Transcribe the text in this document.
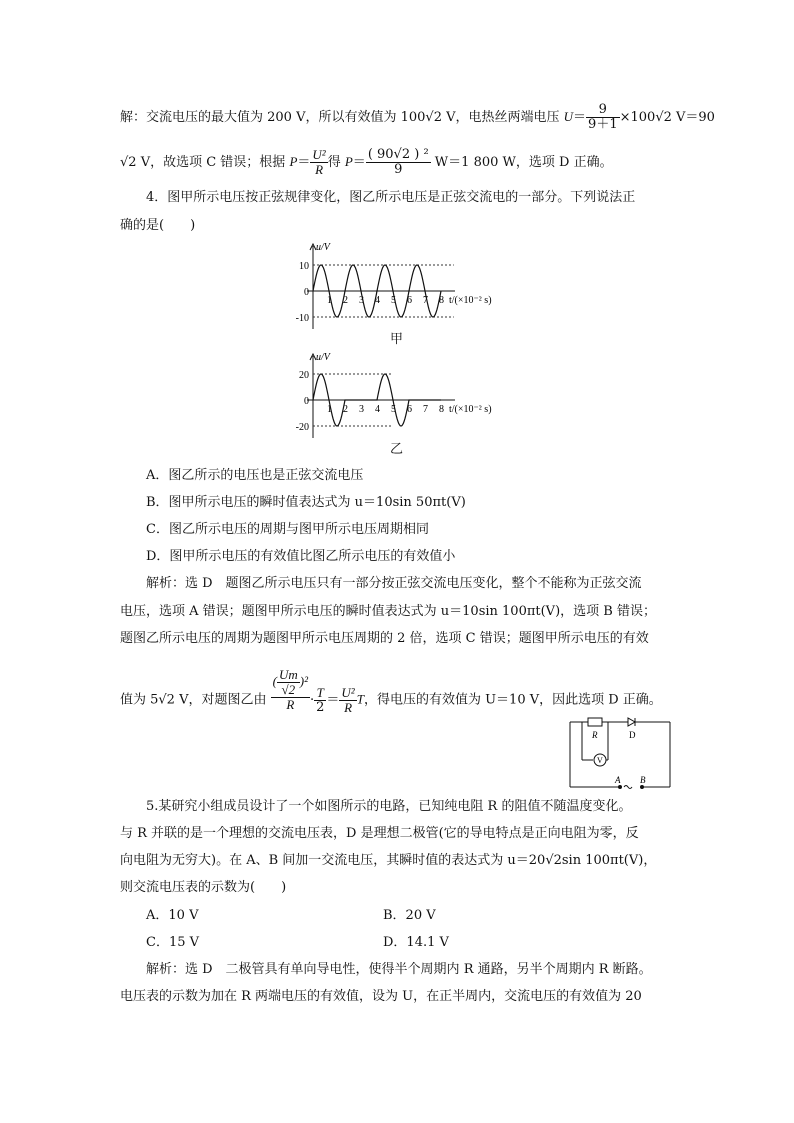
解：交流电压的最大值为 200 V，所以有效值为 100√2 V，电热丝两端电压 $U= \frac{9}{9+1} \times 100√2$ V＝90
√2 V，故选项 C 错误；根据 $P= \frac{\text{U²}}{R}$ 得 $P= \frac{\text{( 90√2 ) ²}}{9} W=1$ 800 W，选项 D 正确。
4．图甲所示电压按正弦规律变化，图乙所示电压是正弦交流电的一部分。下列说法正
确的是(　　)
10
0
-10
1 2 3 4 5 6 7 8
u/V
t/(×10⁻² s)
甲
20
0
-20
1 2 3 4 5 6 7 8
u/V
t/(×10⁻² s)
乙
A．图乙所示的电压也是正弦交流电压
B．图甲所示电压的瞬时值表达式为 u＝10sin 50πt(V)
C．图乙所示电压的周期与图甲所示电压周期相同
D．图甲所示电压的有效值比图乙所示电压的有效值小
解析：选 D　题图乙所示电压只有一部分按正弦交流电压变化，整个不能称为正弦交流
电压，选项 A 错误；题图甲所示电压的瞬时值表达式为 u＝10sin 100πt(V)，选项 B 错误；
题图乙所示电压的周期为题图甲所示电压周期的 2 倍，选项 C 错误；题图甲所示电压的有效
值为 5√2 V，对题图乙由 $\frac{( \frac{Um}{√2} )^2}{R} \cdot \frac{T}{2} = \frac{\text{U²}}{R}$ T，得电压的有效值为 U＝10 V，因此选项 D 正确。
R
V
D
A B
5.某研究小组成员设计了一个如图所示的电路，已知纯电阻 R 的阻值不随温度变化。
与 R 并联的是一个理想的交流电压表，D 是理想二极管(它的导电特点是正向电阻为零，反
向电阻为无穷大)。在 A、B 间加一交流电压，其瞬时值的表达式为 u＝20√2sin 100πt(V)，
则交流电压表的示数为(　　)
A．10 V	B．20 V
C．15 V	D．14.1 V
解析：选 D　二极管具有单向导电性，使得半个周期内 R 通路，另半个周期内 R 断路。
电压表的示数为加在 R 两端电压的有效值，设为 U，在正半周内，交流电压的有效值为 20
